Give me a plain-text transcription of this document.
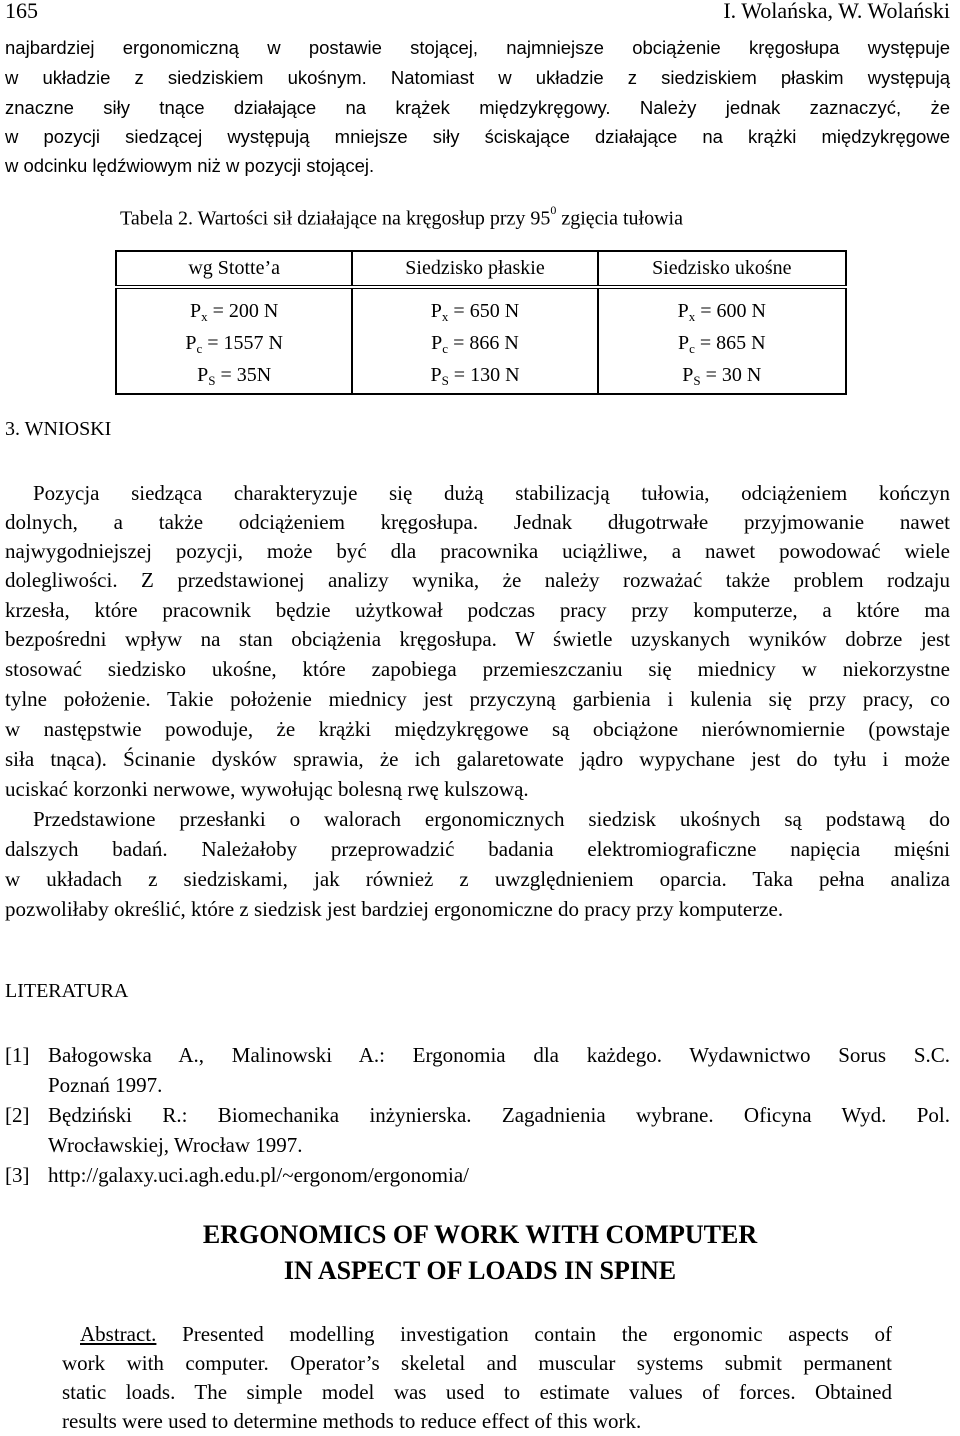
165	I. Wolańska, W. Wolański
najbardziej ergonomiczną w postawie stojącej, najmniejsze obciążenie kręgosłupa występuje
w układzie z siedziskiem ukośnym. Natomiast w układzie z siedziskiem płaskim występują
znaczne siły tnące działające na krążek międzykręgowy. Należy jednak zaznaczyć, że
w pozycji siedzącej występują mniejsze siły ściskające działające na krążki międzykręgowe
w odcinku lędźwiowym niż w pozycji stojącej.
Tabela 2. Wartości sił działające na kręgosłup przy $95^0$ zgięcia tułowia
wg Stotte’a	Siedzisko płaskie	Siedzisko ukośne
$P_x = 200$ N	$P_x = 650$ N	$P_x = 600$ N
$P_c = 1557$ N	$P_c = 866$ N	$P_c = 865$ N
$P_S = 35N$	$P_S = 130$ N	$P_S = 30$ N
3. WNIOSKI
Pozycja siedząca charakteryzuje się dużą stabilizacją tułowia, odciążeniem kończyn
dolnych, a także odciążeniem kręgosłupa. Jednak długotrwałe przyjmowanie nawet
najwygodniejszej pozycji, może być dla pracownika uciążliwe, a nawet powodować wiele
dolegliwości. Z przedstawionej analizy wynika, że należy rozważać także problem rodzaju
krzesła, które pracownik będzie użytkował podczas pracy przy komputerze, a które ma
bezpośredni wpływ na stan obciążenia kręgosłupa. W świetle uzyskanych wyników dobrze jest
stosować siedzisko ukośne, które zapobiega przemieszczaniu się miednicy w niekorzystne
tylne położenie. Takie położenie miednicy jest przyczyną garbienia i kulenia się przy pracy, co
w następstwie powoduje, że krążki międzykręgowe są obciążone nierównomiernie (powstaje
siła tnąca). Ścinanie dysków sprawia, że ich galaretowate jądro wypychane jest do tyłu i może
uciskać korzonki nerwowe, wywołując bolesną rwę kulszową.
Przedstawione przesłanki o walorach ergonomicznych siedzisk ukośnych są podstawą do
dalszych badań. Należałoby przeprowadzić badania elektromiograficzne napięcia mięśni
w układach z siedziskami, jak również z uwzględnieniem oparcia. Taka pełna analiza
pozwoliłaby określić, które z siedzisk jest bardziej ergonomiczne do pracy przy komputerze.
LITERATURA
[1] Bałogowska A., Malinowski A.: Ergonomia dla każdego. Wydawnictwo Sorus S.C.
Poznań 1997.
[2] Będziński R.: Biomechanika inżynierska. Zagadnienia wybrane. Oficyna Wyd. Pol.
Wrocławskiej, Wrocław 1997.
[3] http://galaxy.uci.agh.edu.pl/~ergonom/ergonomia/
ERGONOMICS OF WORK WITH COMPUTER
IN ASPECT OF LOADS IN SPINE
Abstract. Presented modelling investigation contain the ergonomic aspects of
work with computer. Operator’s skeletal and muscular systems submit permanent
static loads. The simple model was used to estimate values of forces. Obtained
results were used to determine methods to reduce effect of this work.
